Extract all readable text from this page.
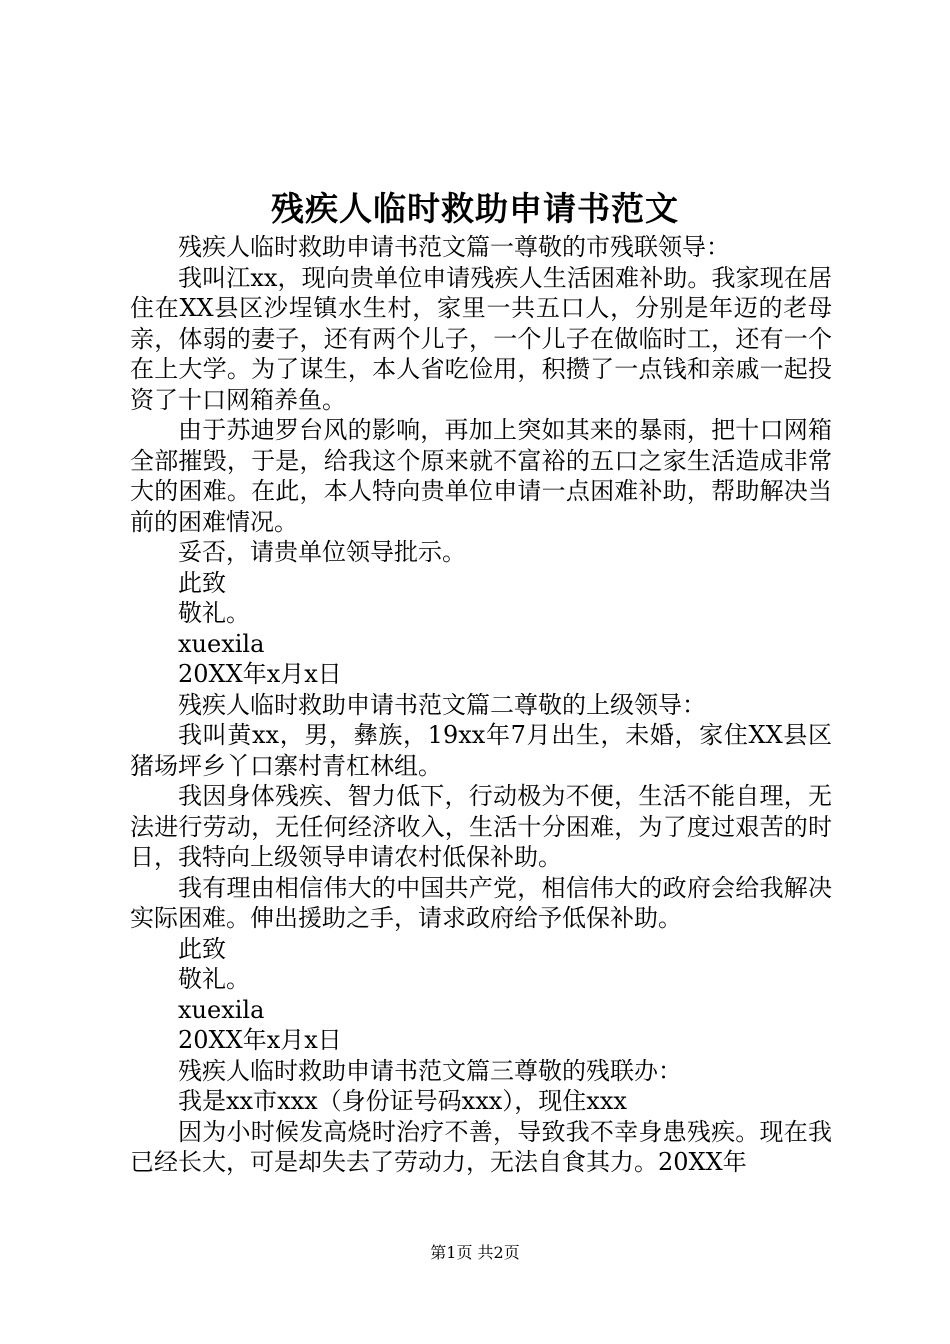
残疾人临时救助申请书范文

残疾人临时救助申请书范文篇一尊敬的市残联领导：

我叫江xx，现向贵单位申请残疾人生活困难补助。我家现在居住在XX县区沙埕镇水生村，家里一共五口人，分别是年迈的老母亲，体弱的妻子，还有两个儿子，一个儿子在做临时工，还有一个在上大学。为了谋生，本人省吃俭用，积攒了一点钱和亲戚一起投资了十口网箱养鱼。

由于苏迪罗台风的影响，再加上突如其来的暴雨，把十口网箱全部摧毁，于是，给我这个原来就不富裕的五口之家生活造成非常大的困难。在此，本人特向贵单位申请一点困难补助，帮助解决当前的困难情况。

妥否，请贵单位领导批示。

此致

敬礼。

xuexila

20XX年x月x日

残疾人临时救助申请书范文篇二尊敬的上级领导：

我叫黄xx，男，彝族，19xx年7月出生，未婚，家住XX县区猪场坪乡丫口寨村青杠林组。

我因身体残疾、智力低下，行动极为不便，生活不能自理，无法进行劳动，无任何经济收入，生活十分困难，为了度过艰苦的时日，我特向上级领导申请农村低保补助。

我有理由相信伟大的中国共产党，相信伟大的政府会给我解决实际困难。伸出援助之手，请求政府给予低保补助。

此致

敬礼。

xuexila

20XX年x月x日

残疾人临时救助申请书范文篇三尊敬的残联办：

我是xx市xxx（身份证号码xxx），现住xxx

因为小时候发高烧时治疗不善，导致我不幸身患残疾。现在我已经长大，可是却失去了劳动力，无法自食其力。20XX年

第1页 共2页
